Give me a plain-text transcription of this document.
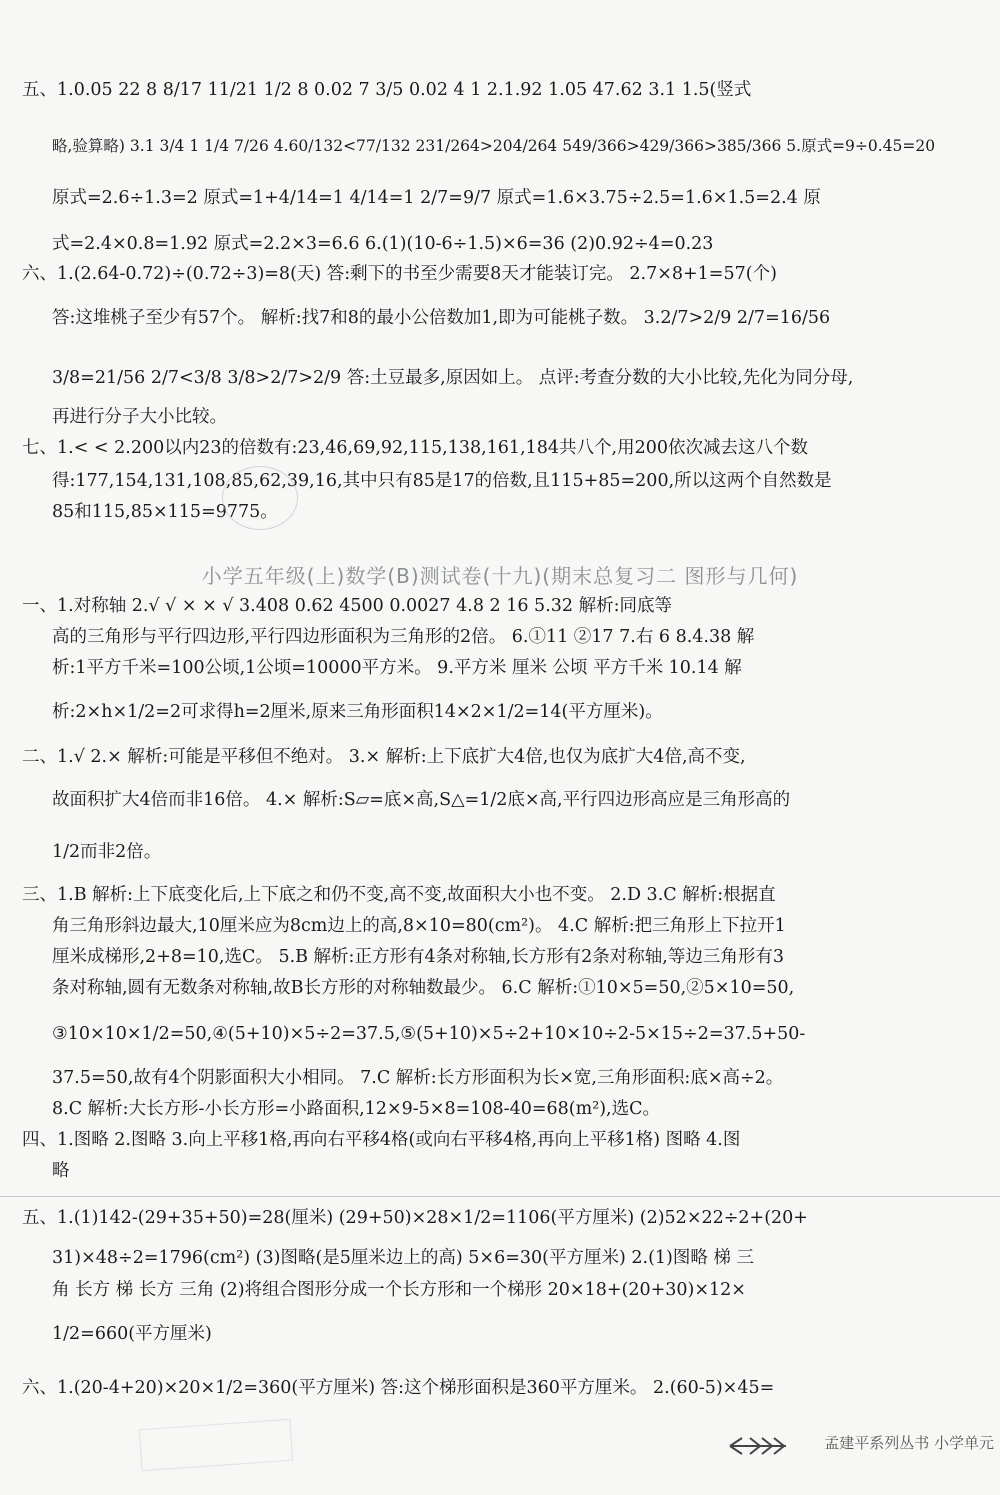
五、1.0.05 22 8 8/17 11/21 1/2 8 0.02 7 3/5 0.02 4 1 2.1.92 1.05 47.62 3.1 1.5(竖式
略,验算略) 3.1 3/4 1 1/4 7/26 4.60/132<77/132 231/264>204/264 549/366>429/366>385/366 5.原式=9÷0.45=20
原式=2.6÷1.3=2 原式=1+4/14=1 4/14=1 2/7=9/7 原式=1.6×3.75÷2.5=1.6×1.5=2.4 原
式=2.4×0.8=1.92 原式=2.2×3=6.6 6.(1)(10-6÷1.5)×6=36 (2)0.92÷4=0.23
六、1.(2.64-0.72)÷(0.72÷3)=8(天) 答:剩下的书至少需要8天才能装订完。 2.7×8+1=57(个)
答:这堆桃子至少有57个。 解析:找7和8的最小公倍数加1,即为可能桃子数。 3.2/7>2/9 2/7=16/56
3/8=21/56 2/7<3/8 3/8>2/7>2/9 答:土豆最多,原因如上。 点评:考查分数的大小比较,先化为同分母,
再进行分子大小比较。
七、1.< < 2.200以内23的倍数有:23,46,69,92,115,138,161,184共八个,用200依次减去这八个数
得:177,154,131,108,85,62,39,16,其中只有85是17的倍数,且115+85=200,所以这两个自然数是
85和115,85×115=9775。
小学五年级(上)数学(B)测试卷(十九)(期末总复习二 图形与几何)
一、1.对称轴 2.√ √ × × √ 3.408 0.62 4500 0.0027 4.8 2 16 5.32 解析:同底等
高的三角形与平行四边形,平行四边形面积为三角形的2倍。 6.①11 ②17 7.右 6 8.4.38 解
析:1平方千米=100公顷,1公顷=10000平方米。 9.平方米 厘米 公顷 平方千米 10.14 解
析:2×h×1/2=2可求得h=2厘米,原来三角形面积14×2×1/2=14(平方厘米)。
二、1.√ 2.× 解析:可能是平移但不绝对。 3.× 解析:上下底扩大4倍,也仅为底扩大4倍,高不变,
故面积扩大4倍而非16倍。 4.× 解析:S▱=底×高,S△=1/2底×高,平行四边形高应是三角形高的
1/2而非2倍。
三、1.B 解析:上下底变化后,上下底之和仍不变,高不变,故面积大小也不变。 2.D 3.C 解析:根据直
角三角形斜边最大,10厘米应为8cm边上的高,8×10=80(cm²)。 4.C 解析:把三角形上下拉开1
厘米成梯形,2+8=10,选C。 5.B 解析:正方形有4条对称轴,长方形有2条对称轴,等边三角形有3
条对称轴,圆有无数条对称轴,故B长方形的对称轴数最少。 6.C 解析:①10×5=50,②5×10=50,
③10×10×1/2=50,④(5+10)×5÷2=37.5,⑤(5+10)×5÷2+10×10÷2-5×15÷2=37.5+50-
37.5=50,故有4个阴影面积大小相同。 7.C 解析:长方形面积为长×宽,三角形面积:底×高÷2。
8.C 解析:大长方形-小长方形=小路面积,12×9-5×8=108-40=68(m²),选C。
四、1.图略 2.图略 3.向上平移1格,再向右平移4格(或向右平移4格,再向上平移1格) 图略 4.图
略
五、1.(1)142-(29+35+50)=28(厘米) (29+50)×28×1/2=1106(平方厘米) (2)52×22÷2+(20+
31)×48÷2=1796(cm²) (3)图略(是5厘米边上的高) 5×6=30(平方厘米) 2.(1)图略 梯 三
角 长方 梯 长方 三角 (2)将组合图形分成一个长方形和一个梯形 20×18+(20+30)×12×
1/2=660(平方厘米)
六、1.(20-4+20)×20×1/2=360(平方厘米) 答:这个梯形面积是360平方厘米。 2.(60-5)×45=
孟建平系列丛书 小学单元
